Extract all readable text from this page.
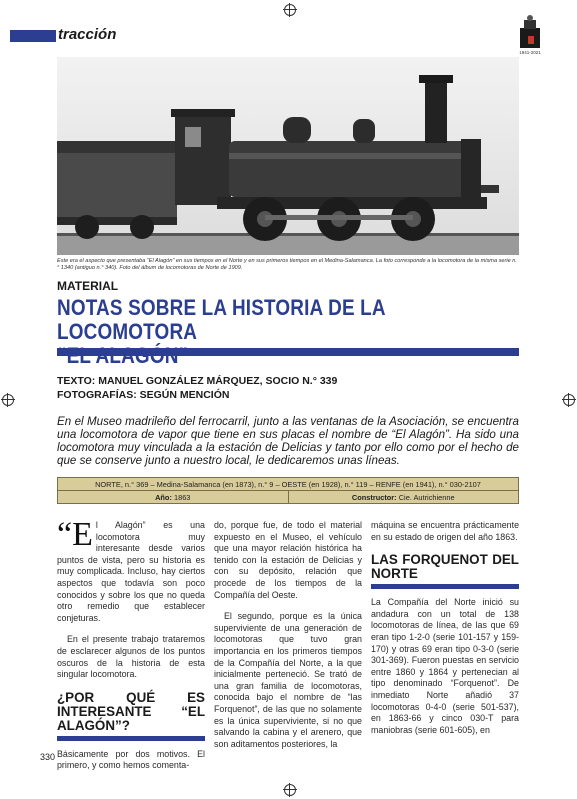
tracción
1941-2021
Este era el aspecto que presentaba “El Alagón” en sus tiempos en el Norte y en sus primeros tiempos en el Medina-Salamanca. La foto corresponde a la locomotora de la misma serie n.° 1340 (antiguo n.° 340). Foto del álbum de locomotoras de Norte de 1909.
MATERIAL
NOTAS SOBRE LA HISTORIA DE LA LOCOMOTORA
TEXTO: MANUEL GONZÁLEZ MÁRQUEZ, SOCIO N.° 339
FOTOGRAFÍAS: SEGÚN MENCIÓN
En el Museo madrileño del ferrocarril, junto a las ventanas de la Asociación, se encuentra una locomotora de vapor que tiene en sus placas el nombre de “El Alagón”. Ha sido una locomotora muy vinculada a la estación de Delicias y tanto por ello como por el hecho de que se conserve junto a nuestro local, le dedicaremos unas líneas.
NORTE, n.° 369 – Medina-Salamanca (en 1873), n.° 9 – OESTE (en 1928), n.° 119 – RENFE (en 1941), n.° 030-2107
Año: 1863	Constructor: Cie. Autrichienne

“E l Alagón” es una locomotora muy interesante desde varios puntos de vista, pero su historia es muy complicada. Incluso, hay ciertos aspectos que todavía son poco conocidos y sobre los que no queda otro remedio que establecer conjeturas.

En el presente trabajo trataremos de esclarecer algunos de los puntos oscuros de la historia de esta singular locomotora.

¿POR QUÉ ES INTERESANTE “EL ALAGÓN”?

Básicamente por dos motivos. El primero, y como hemos comenta-

do, porque fue, de todo el material expuesto en el Museo, el vehículo que una mayor relación histórica ha tenido con la estación de Delicias y con su depósito, relación que procede de los tiempos de la Compañía del Oeste.

El segundo, porque es la única superviviente de una generación de locomotoras que tuvo gran importancia en los primeros tiempos de la Compañía del Norte, a la que inicialmente perteneció. Se trató de una gran familia de locomotoras, conocida bajo el nombre de “las Forquenot”, de las que no solamente es la única superviviente, si no que salvando la cabina y el arenero, que son aditamentos posteriores, la

máquina se encuentra prácticamente en su estado de origen del año 1863.

LAS FORQUENOT DEL NORTE

La Compañía del Norte inició su andadura con un total de 138 locomotoras de línea, de las que 69 eran tipo 1-2-0 (serie 101-157 y 159-170) y otras 69 eran tipo 0-3-0 (serie 301-369). Fueron puestas en servicio entre 1860 y 1864 y pertenecian al tipo denominado “Forquenot”. De inmediato Norte añadió 37 locomotoras 0-4-0 (serie 501-537), en 1863-66 y cinco 030-T para maniobras (serie 601-605), en

330
